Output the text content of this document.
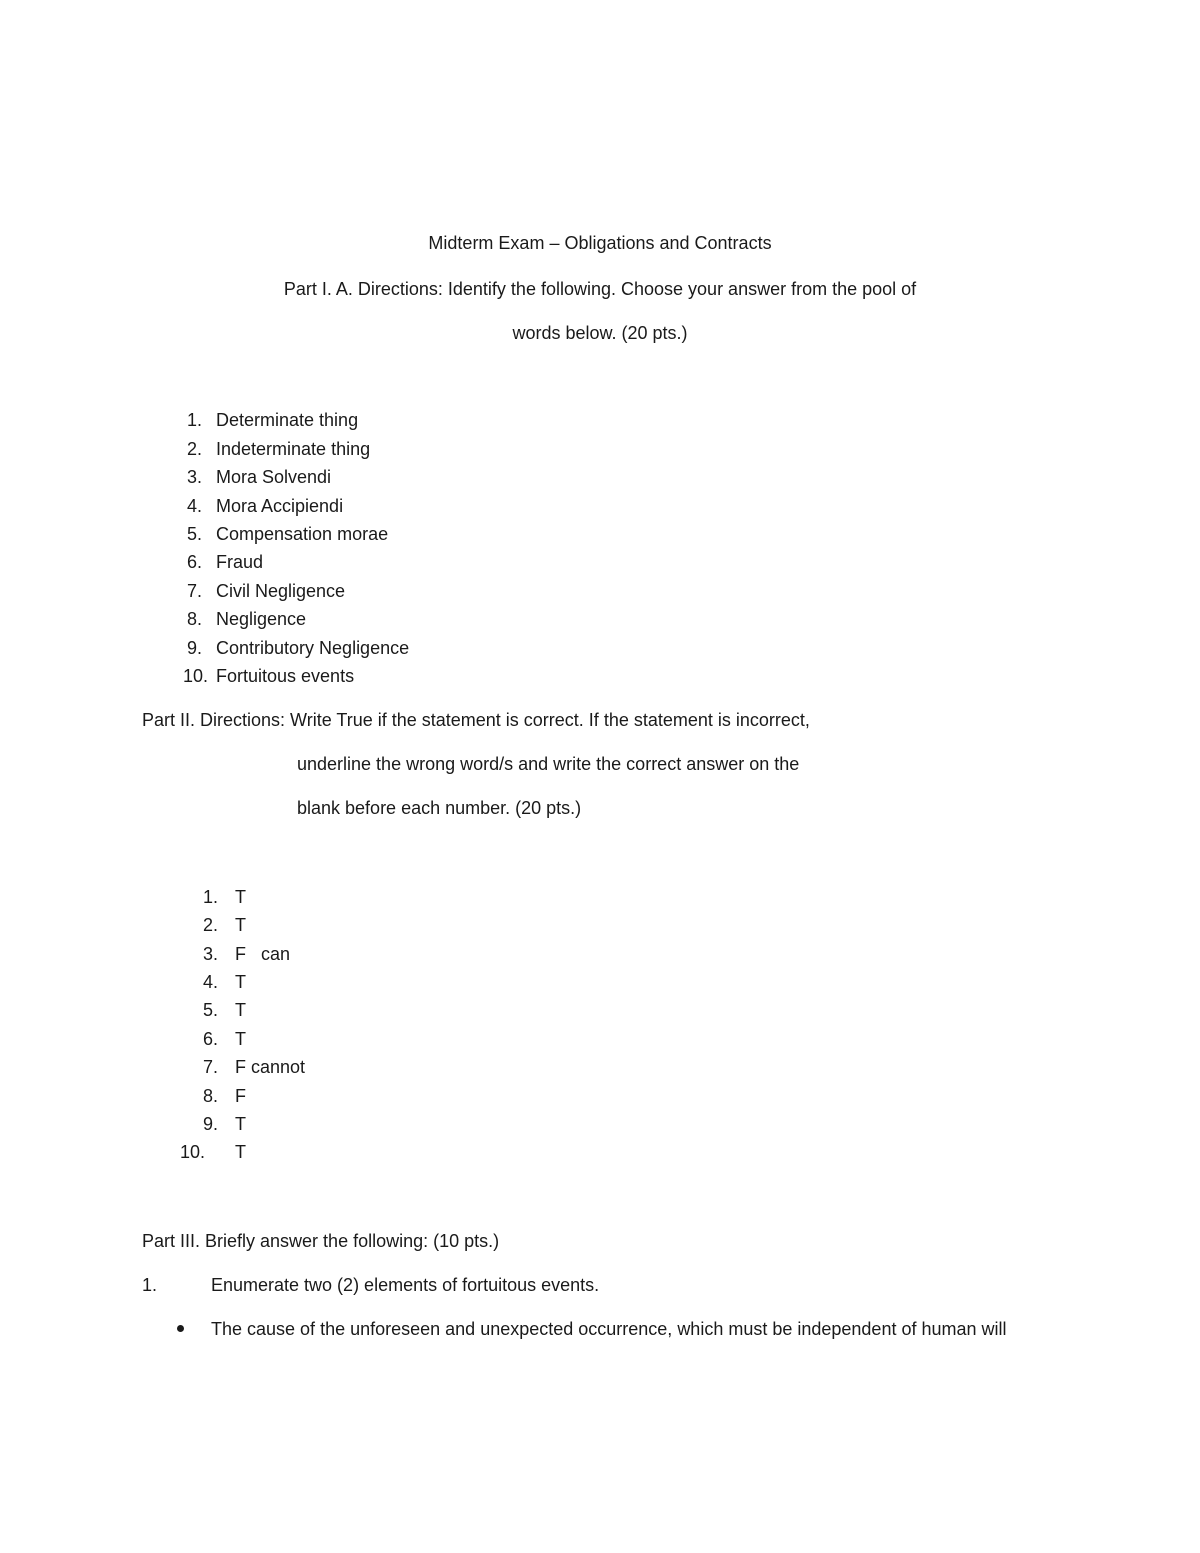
Midterm Exam – Obligations and Contracts
Part I. A. Directions: Identify the following. Choose your answer from the pool of
words below. (20 pts.)
1. Determinate thing
2. Indeterminate thing
3. Mora Solvendi
4. Mora Accipiendi
5. Compensation morae
6. Fraud
7. Civil Negligence
8. Negligence
9. Contributory Negligence
10. Fortuitous events
Part II. Directions: Write True if the statement is correct. If the statement is incorrect,
underline the wrong word/s and write the correct answer on the
blank before each number. (20 pts.)
1. T
2. T
3. F   can
4. T
5. T
6. T
7. F cannot
8. F
9. T
10.	T
Part III. Briefly answer the following: (10 pts.)
1.	Enumerate two (2) elements of fortuitous events.
The cause of the unforeseen and unexpected occurrence, which must be independent of human will
